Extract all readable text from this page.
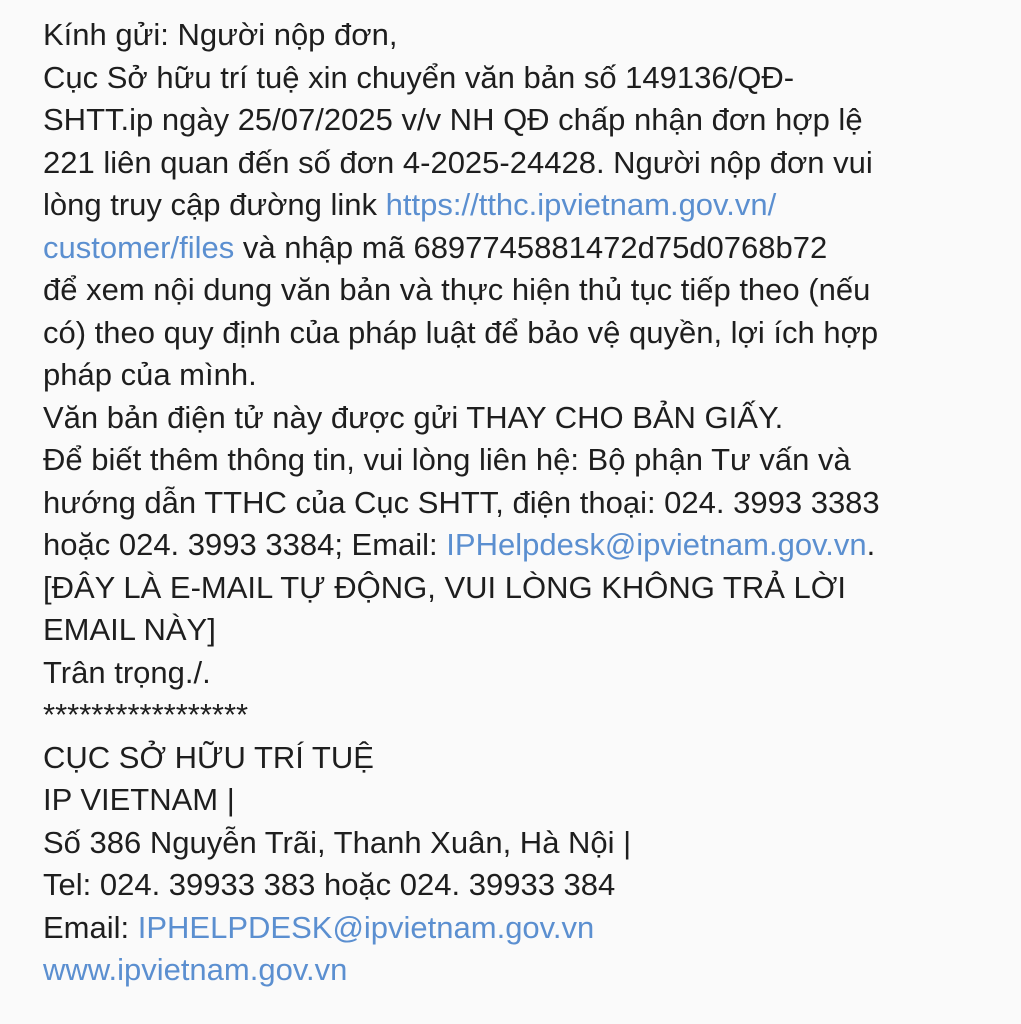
Kính gửi: Người nộp đơn,
Cục Sở hữu trí tuệ xin chuyển văn bản số 149136/QĐ-
SHTT.ip ngày 25/07/2025 v/v NH QĐ chấp nhận đơn hợp lệ
221 liên quan đến số đơn 4-2025-24428. Người nộp đơn vui
lòng truy cập đường link https://tthc.ipvietnam.gov.vn/
customer/files và nhập mã 6897745881472d75d0768b72
để xem nội dung văn bản và thực hiện thủ tục tiếp theo (nếu
có) theo quy định của pháp luật để bảo vệ quyền, lợi ích hợp
pháp của mình.
Văn bản điện tử này được gửi THAY CHO BẢN GIẤY.
Để biết thêm thông tin, vui lòng liên hệ: Bộ phận Tư vấn và
hướng dẫn TTHC của Cục SHTT, điện thoại: 024. 3993 3383
hoặc 024. 3993 3384; Email: IPHelpdesk@ipvietnam.gov.vn.
[ĐÂY LÀ E-MAIL TỰ ĐỘNG, VUI LÒNG KHÔNG TRẢ LỜI
EMAIL NÀY]
Trân trọng./.
*****************
CỤC SỞ HỮU TRÍ TUỆ
IP VIETNAM |
Số 386 Nguyễn Trãi, Thanh Xuân, Hà Nội |
Tel: 024. 39933 383 hoặc 024. 39933 384
Email: IPHELPDESK@ipvietnam.gov.vn
www.ipvietnam.gov.vn
